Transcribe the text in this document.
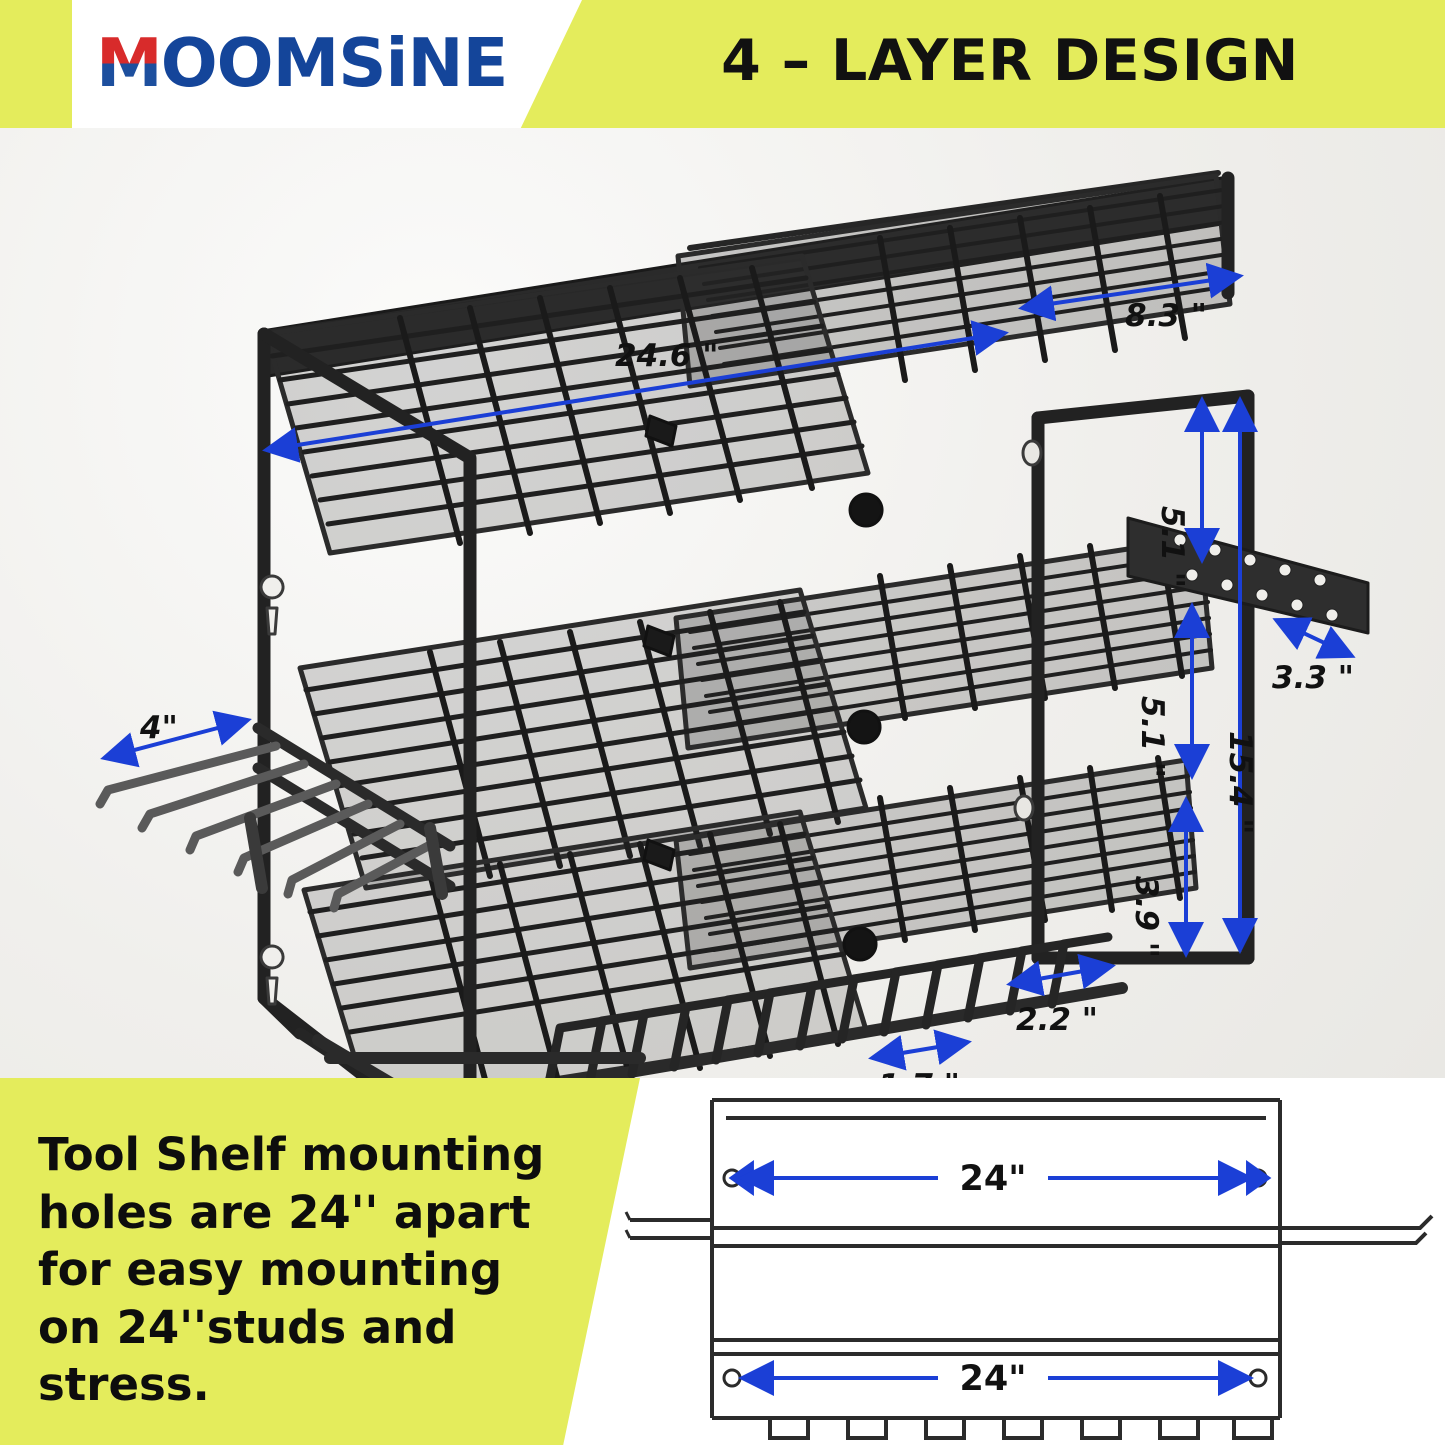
M OOMSiNE	4 – LAYER DESIGN
24.6 "
8.3 "
5.1 "
5.1 "
3.3 "
15.4 "
3.9 "
4"
2.2 "
Tool Shelf mounting holes are 24'' apart for easy mounting on 24''studs and stress.
24"
24"
